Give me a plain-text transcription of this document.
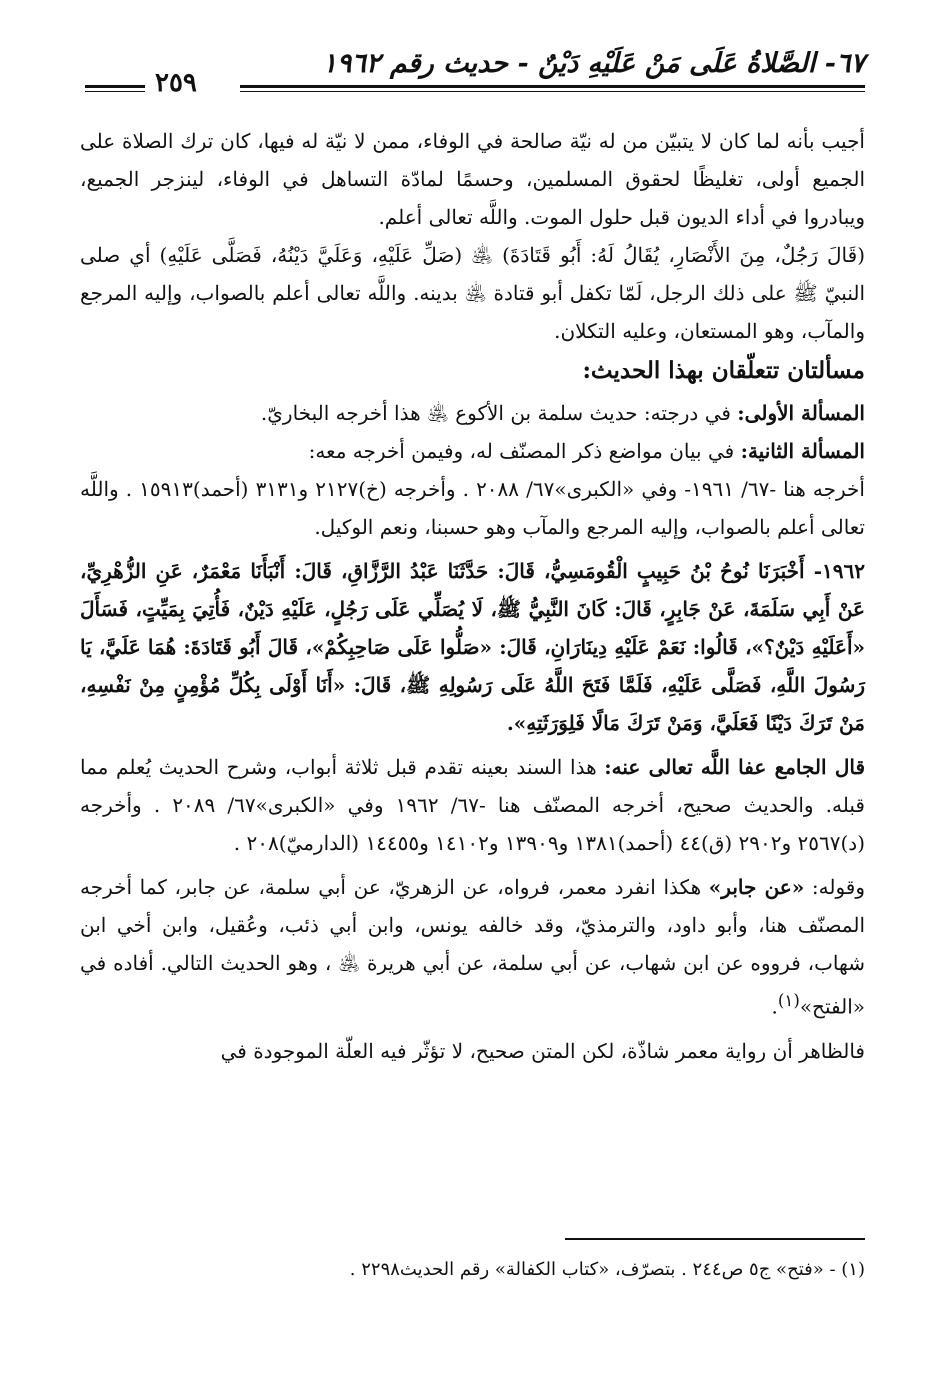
٦٧- الصَّلاةُ عَلَى مَنْ عَلَيْهِ دَيْنٌ - حديث رقم ١٩٦٢
٢٥٩

أجيب بأنه لما كان لا يتبيّن من له نيّة صالحة في الوفاء، ممن لا نيّة له فيها، كان ترك الصلاة على الجميع أولى، تغليظًا لحقوق المسلمين، وحسمًا لمادّة التساهل في الوفاء، لينزجر الجميع، ويبادروا في أداء الديون قبل حلول الموت. واللَّه تعالى أعلم.

(قَالَ رَجُلٌ، مِنَ الأَنْصَارِ، يُقَالُ لَهُ: أَبُو قَتَادَةَ) ﵁ (صَلِّ عَلَيْهِ، وَعَلَيَّ دَيْنُهُ، فَصَلَّى عَلَيْهِ) أي صلى النبيّ ﷺ على ذلك الرجل، لَمّا تكفل أبو قتادة ﵁ بدينه. واللَّه تعالى أعلم بالصواب، وإليه المرجع والمآب، وهو المستعان، وعليه التكلان.

مسألتان تتعلّقان بهذا الحديث:

المسألة الأولى: في درجته: حديث سلمة بن الأكوع ﵁ هذا أخرجه البخاريّ.

المسألة الثانية: في بيان مواضع ذكر المصنّف له، وفيمن أخرجه معه:

أخرجه هنا -٦٧/ ١٩٦١- وفي «الكبرى»٦٧/ ٢٠٨٨ . وأخرجه (خ)٢١٢٧ و٣١٣١ (أحمد)١٥٩١٣ . واللَّه تعالى أعلم بالصواب، وإليه المرجع والمآب وهو حسبنا، ونعم الوكيل.

١٩٦٢- أَخْبَرَنَا نُوحُ بْنُ حَبِيبٍ الْقُومَسِيُّ، قَالَ: حَدَّثَنَا عَبْدُ الرَّزَّاقِ، قَالَ: أَنْبَأَنَا مَعْمَرٌ، عَنِ الزُّهْرِيِّ، عَنْ أَبِي سَلَمَةَ، عَنْ جَابِرٍ، قَالَ: كَانَ النَّبِيُّ ﷺ، لَا يُصَلِّي عَلَى رَجُلٍ، عَلَيْهِ دَيْنٌ، فَأُتِيَ بِمَيِّتٍ، فَسَأَلَ «أَعَلَيْهِ دَيْنٌ؟»، قَالُوا: نَعَمْ عَلَيْهِ دِينَارَانِ، قَالَ: «صَلُّوا عَلَى صَاحِبِكُمْ»، قَالَ أَبُو قَتَادَةَ: هُمَا عَلَيَّ، يَا رَسُولَ اللَّهِ، فَصَلَّى عَلَيْهِ، فَلَمَّا فَتَحَ اللَّهُ عَلَى رَسُولِهِ ﷺ، قَالَ: «أَنَا أَوْلَى بِكُلِّ مُؤْمِنٍ مِنْ نَفْسِهِ، مَنْ تَرَكَ دَيْنًا فَعَلَيَّ، وَمَنْ تَرَكَ مَالًا فَلِوَرَثَتِهِ».

قال الجامع عفا اللَّه تعالى عنه: هذا السند بعينه تقدم قبل ثلاثة أبواب، وشرح الحديث يُعلم مما قبله. والحديث صحيح، أخرجه المصنّف هنا -٦٧/ ١٩٦٢ وفي «الكبرى»٦٧/ ٢٠٨٩ . وأخرجه (د)٢٥٦٧ و٢٩٠٢ (ق)٤٤ (أحمد)١٣٨١ و١٣٩٠٩ و١٤١٠٢ و١٤٤٥٥ (الدارميّ)٢٠٨ .

وقوله: «عن جابر» هكذا انفرد معمر، فرواه، عن الزهريّ، عن أبي سلمة، عن جابر، كما أخرجه المصنّف هنا، وأبو داود، والترمذيّ، وقد خالفه يونس، وابن أبي ذئب، وعُقيل، وابن أخي ابن شهاب، فرووه عن ابن شهاب، عن أبي سلمة، عن أبي هريرة ﵁ ، وهو الحديث التالي. أفاده في «الفتح»$^{(١)}$.

فالظاهر أن رواية معمر شاذّة، لكن المتن صحيح، لا تؤثّر فيه العلّة الموجودة في

(١) - «فتح» ج٥ ص٢٤٤ . بتصرّف، «كتاب الكفالة» رقم الحديث٢٢٩٨ .
